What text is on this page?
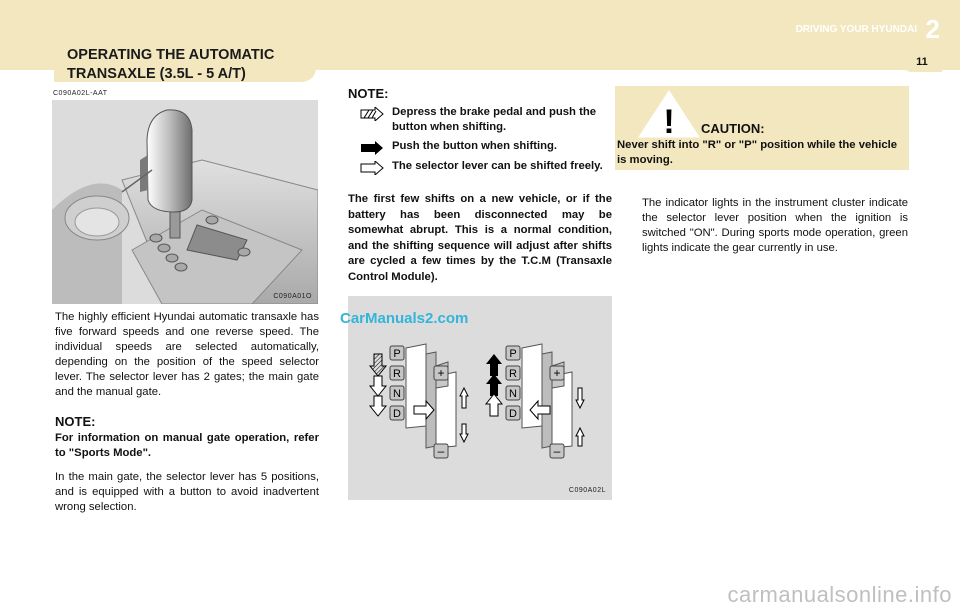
OPERATING THE AUTOMATIC
TRANSAXLE (3.5L - 5 A/T)
DRIVING YOUR HYUNDAI 2
11
C090A02L-AAT
C090A01O

The highly efficient Hyundai automatic transaxle has five forward speeds and one reverse speed. The individual speeds are selected automatically, depending on the position of the speed selector lever. The selector lever has 2 gates; the main gate and the manual gate.

NOTE:

For information on manual gate operation, refer to "Sports Mode".

In the main gate, the selector lever has 5 positions, and is equipped with a button to avoid inadvertent wrong selection.

NOTE:
Depress the brake pedal and push the button when shifting.
Push the button when shifting.
The selector lever can be shifted freely.

The first few shifts on a new vehicle, or if the battery has been disconnected may be somewhat abrupt. This is a normal condition, and the shifting sequence will adjust after shifts are cycled a few times by the T.C.M (Transaxle Control Module).

P
R
N
D
+
–
P
R
N
D
+
–
C090A02L
CarManuals2.com
! CAUTION:
Never shift into "R" or "P" position while the vehicle is moving.

The indicator lights in the instrument cluster indicate the selector lever position when the ignition is switched "ON". During sports mode operation, green lights indicate the gear currently in use.

carmanualsonline.info
